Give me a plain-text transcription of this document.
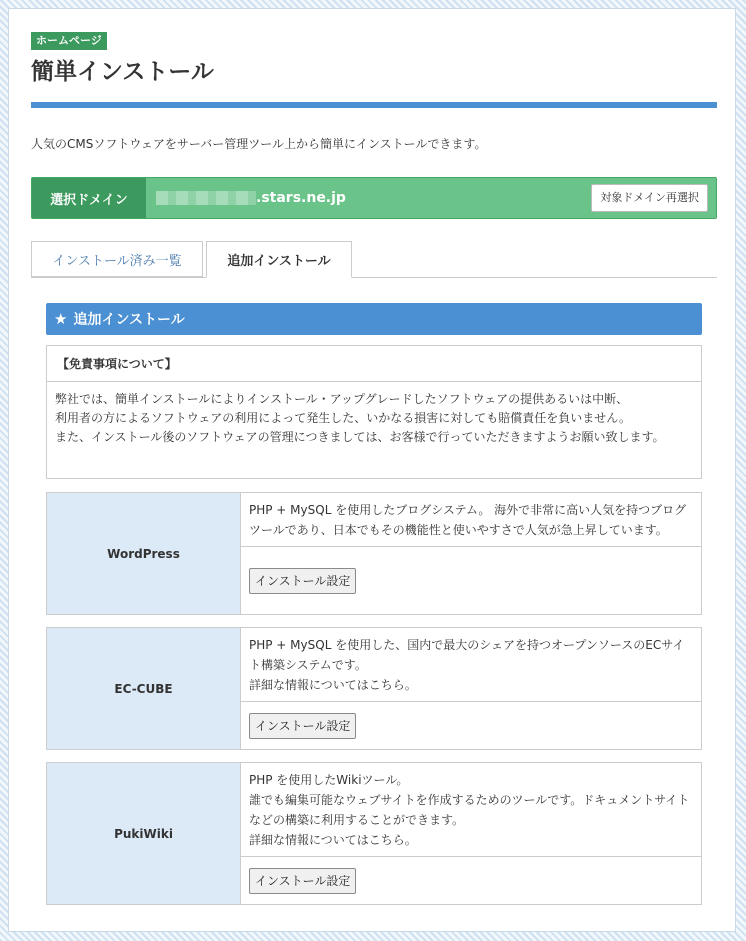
ホームページ
簡単インストール
人気のCMSソフトウェアをサーバー管理ツール上から簡単にインストールできます。
選択ドメイン	.stars.ne.jp	対象ドメイン再選択
インストール済み一覧	追加インストール
★ 追加インストール
【免責事項について】

弊社では、簡単インストールによりインストール・アップグレードしたソフトウェアの提供あるいは中断、

利用者の方によるソフトウェアの利用によって発生した、いかなる損害に対しても賠償責任を負いません。

また、インストール後のソフトウェアの管理につきましては、お客様で行っていただきますようお願い致します。

WordPress

PHP + MySQL を使用したブログシステム。 海外で非常に高い人気を持つブログツールであり、日本でもその機能性と使いやすさで人気が急上昇しています。

インストール設定
EC-CUBE

PHP + MySQL を使用した、国内で最大のシェアを持つオープンソースのECサイト構築システムです。

詳細な情報についてはこちら。

インストール設定
PukiWiki

PHP を使用したWikiツール。

誰でも編集可能なウェブサイトを作成するためのツールです。ドキュメントサイトなどの構築に利用することができます。

詳細な情報についてはこちら。

インストール設定
